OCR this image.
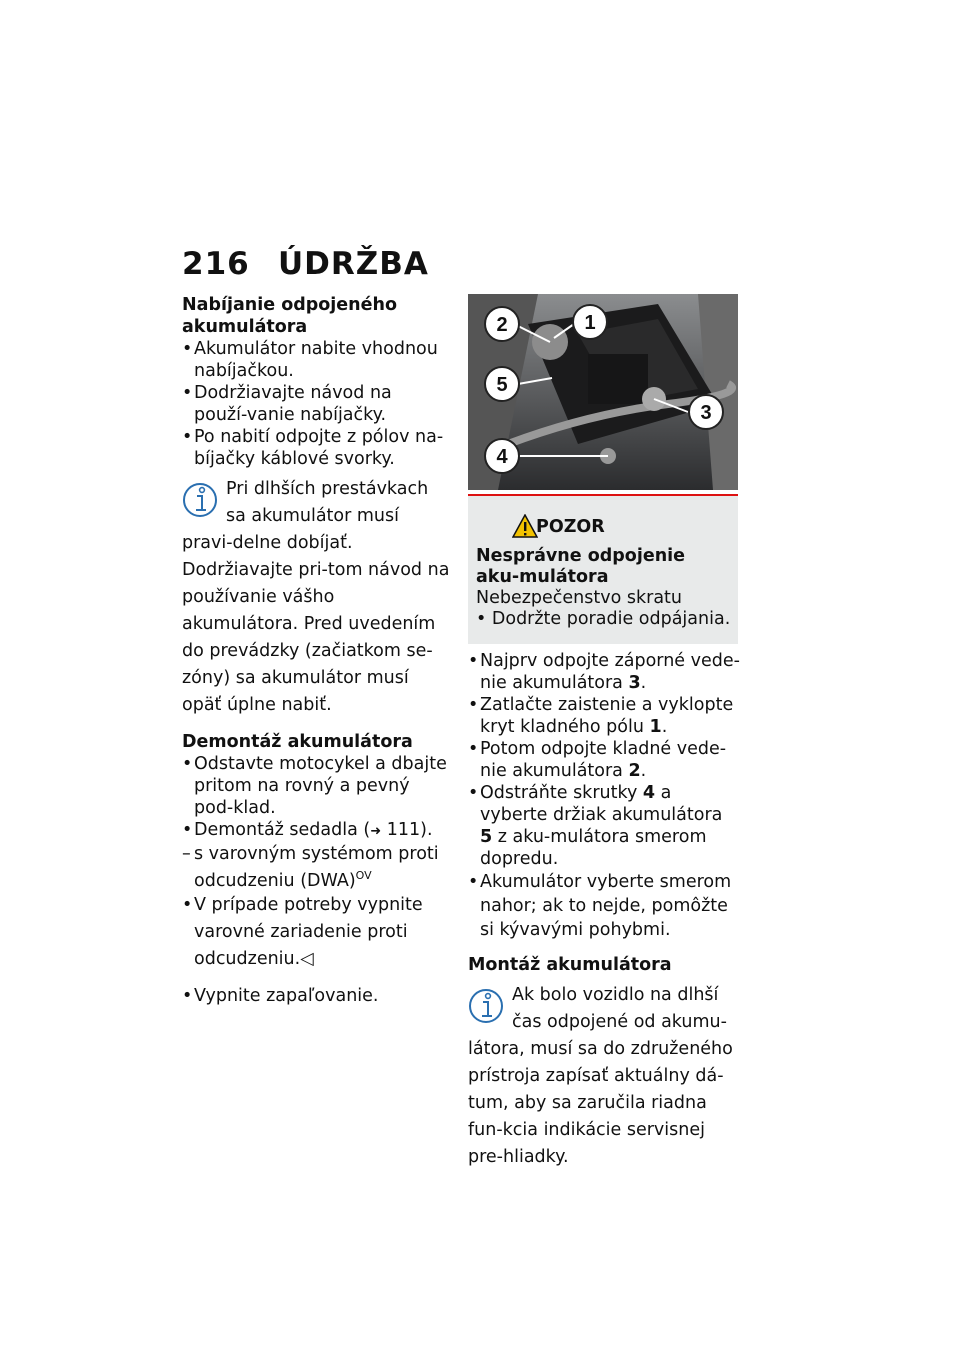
216 ÚDRŽBA
Nabíjanie odpojeného akumulátora
• Akumulátor nabite vhodnou nabíjačkou.
• Dodržiavajte návod na použí-vanie nabíjačky.
• Po nabití odpojte z pólov na-bíjačky káblové svorky.
Pri dlhších prestávkach sa akumulátor musí pravi-delne dobíjať. Dodržiavajte pri-tom návod na používanie vášho akumulátora. Pred uvedením do prevádzky (začiatkom se-zóny) sa akumulátor musí opäť úplne nabiť.
Demontáž akumulátora
• Odstavte motocykel a dbajte pritom na rovný a pevný pod-klad.
• Demontáž sedadla (➜ 111).
– s varovným systémom proti odcudzeniu (DWA)$^{OV}$
• V prípade potreby vypnite varovné zariadenie proti odcudzeniu.◁
• Vypnite zapaľovanie.
2	1
5
3
4
POZOR
Nesprávne odpojenie aku-mulátora
Nebezpečenstvo skratu
• Dodržte poradie odpájania.
• Najprv odpojte záporné vede-nie akumulátora 3.
• Zatlačte zaistenie a vyklopte kryt kladného pólu 1.
• Potom odpojte kladné vede-nie akumulátora 2.
• Odstráňte skrutky 4 a vyberte držiak akumulátora 5 z aku-mulátora smerom dopredu.
• Akumulátor vyberte smerom nahor; ak to nejde, pomôžte si kývavými pohybmi.
Montáž akumulátora
Ak bolo vozidlo na dlhší čas odpojené od akumu-látora, musí sa do združeného prístroja zapísať aktuálny dá-tum, aby sa zaručila riadna fun-kcia indikácie servisnej pre-hliadky.
